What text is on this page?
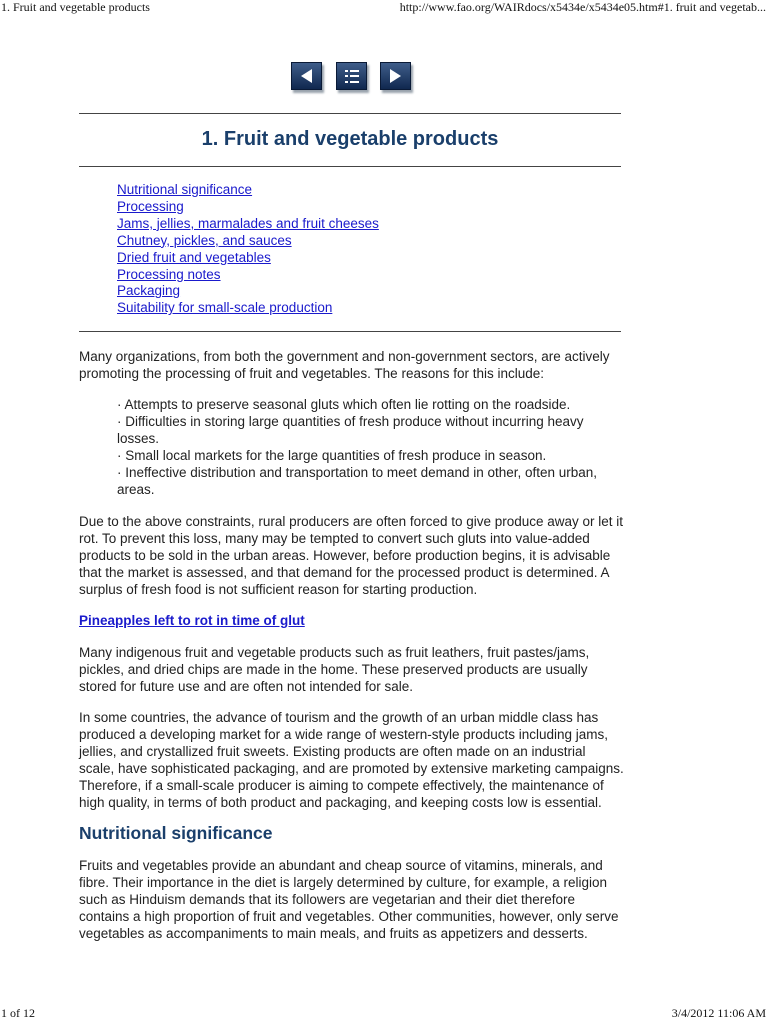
1. Fruit and vegetable products	http://www.fao.org/WAIRdocs/x5434e/x5434e05.htm#1. fruit and vegetab...
1. Fruit and vegetable products
Nutritional significance
Processing
Jams, jellies, marmalades and fruit cheeses
Chutney, pickles, and sauces
Dried fruit and vegetables
Processing notes
Packaging
Suitability for small-scale production

Many organizations, from both the government and non-government sectors, are actively promoting the processing of fruit and vegetables. The reasons for this include:

· Attempts to preserve seasonal gluts which often lie rotting on the roadside.
· Difficulties in storing large quantities of fresh produce without incurring heavy losses.
· Small local markets for the large quantities of fresh produce in season.
· Ineffective distribution and transportation to meet demand in other, often urban, areas.

Due to the above constraints, rural producers are often forced to give produce away or let it rot. To prevent this loss, many may be tempted to convert such gluts into value-added products to be sold in the urban areas. However, before production begins, it is advisable that the market is assessed, and that demand for the processed product is determined. A surplus of fresh food is not sufficient reason for starting production.

Pineapples left to rot in time of glut

Many indigenous fruit and vegetable products such as fruit leathers, fruit pastes/jams, pickles, and dried chips are made in the home. These preserved products are usually stored for future use and are often not intended for sale.

In some countries, the advance of tourism and the growth of an urban middle class has produced a developing market for a wide range of western-style products including jams, jellies, and crystallized fruit sweets. Existing products are often made on an industrial scale, have sophisticated packaging, and are promoted by extensive marketing campaigns. Therefore, if a small-scale producer is aiming to compete effectively, the maintenance of high quality, in terms of both product and packaging, and keeping costs low is essential.

Nutritional significance

Fruits and vegetables provide an abundant and cheap source of vitamins, minerals, and fibre. Their importance in the diet is largely determined by culture, for example, a religion such as Hinduism demands that its followers are vegetarian and their diet therefore contains a high proportion of fruit and vegetables. Other communities, however, only serve vegetables as accompaniments to main meals, and fruits as appetizers and desserts.

1 of 12	3/4/2012 11:06 AM
